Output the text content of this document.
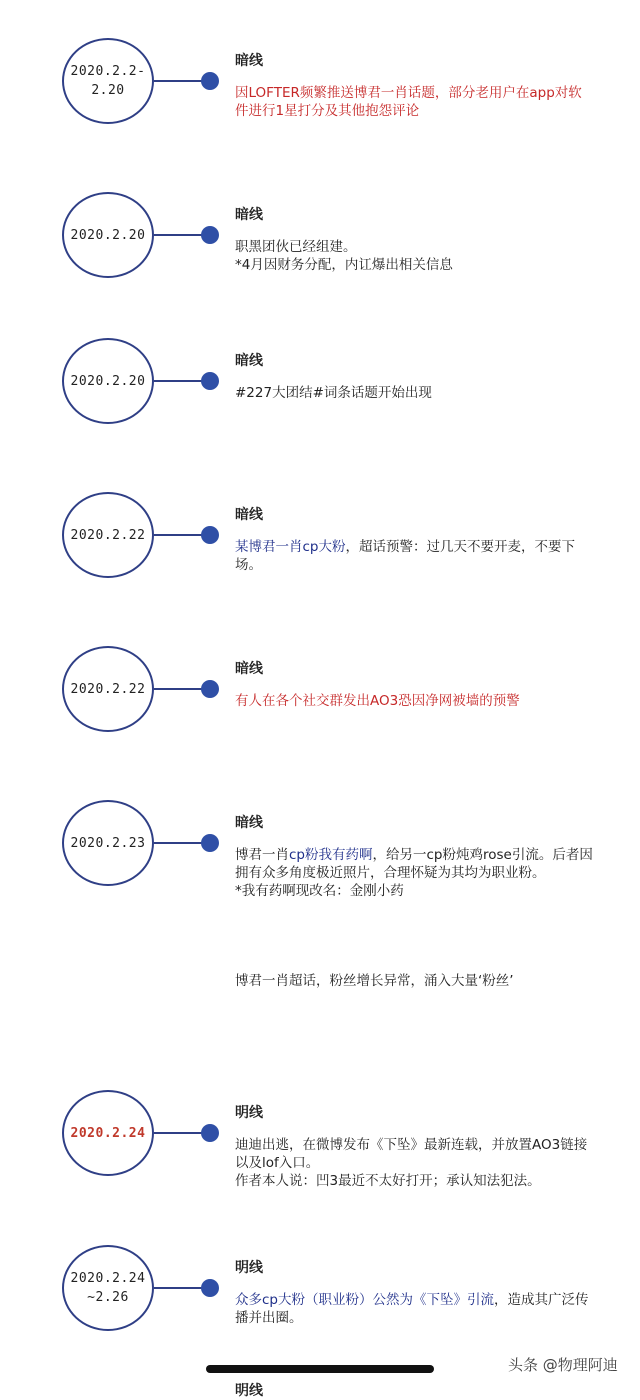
2020.2.2-
2.20
暗线
因LOFTER频繁推送博君一肖话题，部分老用户在app对软件进行1星打分及其他抱怨评论
2020.2.20
暗线
职黑团伙已经组建。
*4月因财务分配，内讧爆出相关信息
2020.2.20
暗线
#227大团结#词条话题开始出现
2020.2.22
暗线
某博君一肖cp大粉，超话预警：过几天不要开麦，不要下场。
2020.2.22
暗线
有人在各个社交群发出AO3恐因净网被墙的预警
2020.2.23
暗线
博君一肖cp粉我有药啊，给另一cp粉炖鸡rose引流。后者因拥有众多角度极近照片，合理怀疑为其均为职业粉。
*我有药啊现改名：金刚小药
博君一肖超话，粉丝增长异常，涌入大量‘粉丝’
2020.2.24
明线
迪迪出逃，在微博发布《下坠》最新连载，并放置AO3链接以及lof入口。
作者本人说：凹3最近不太好打开；承认知法犯法。
2020.2.24
~2.26
明线
众多cp大粉（职业粉）公然为《下坠》引流，造成其广泛传播并出圈。
头条 @物理阿迪
明线
